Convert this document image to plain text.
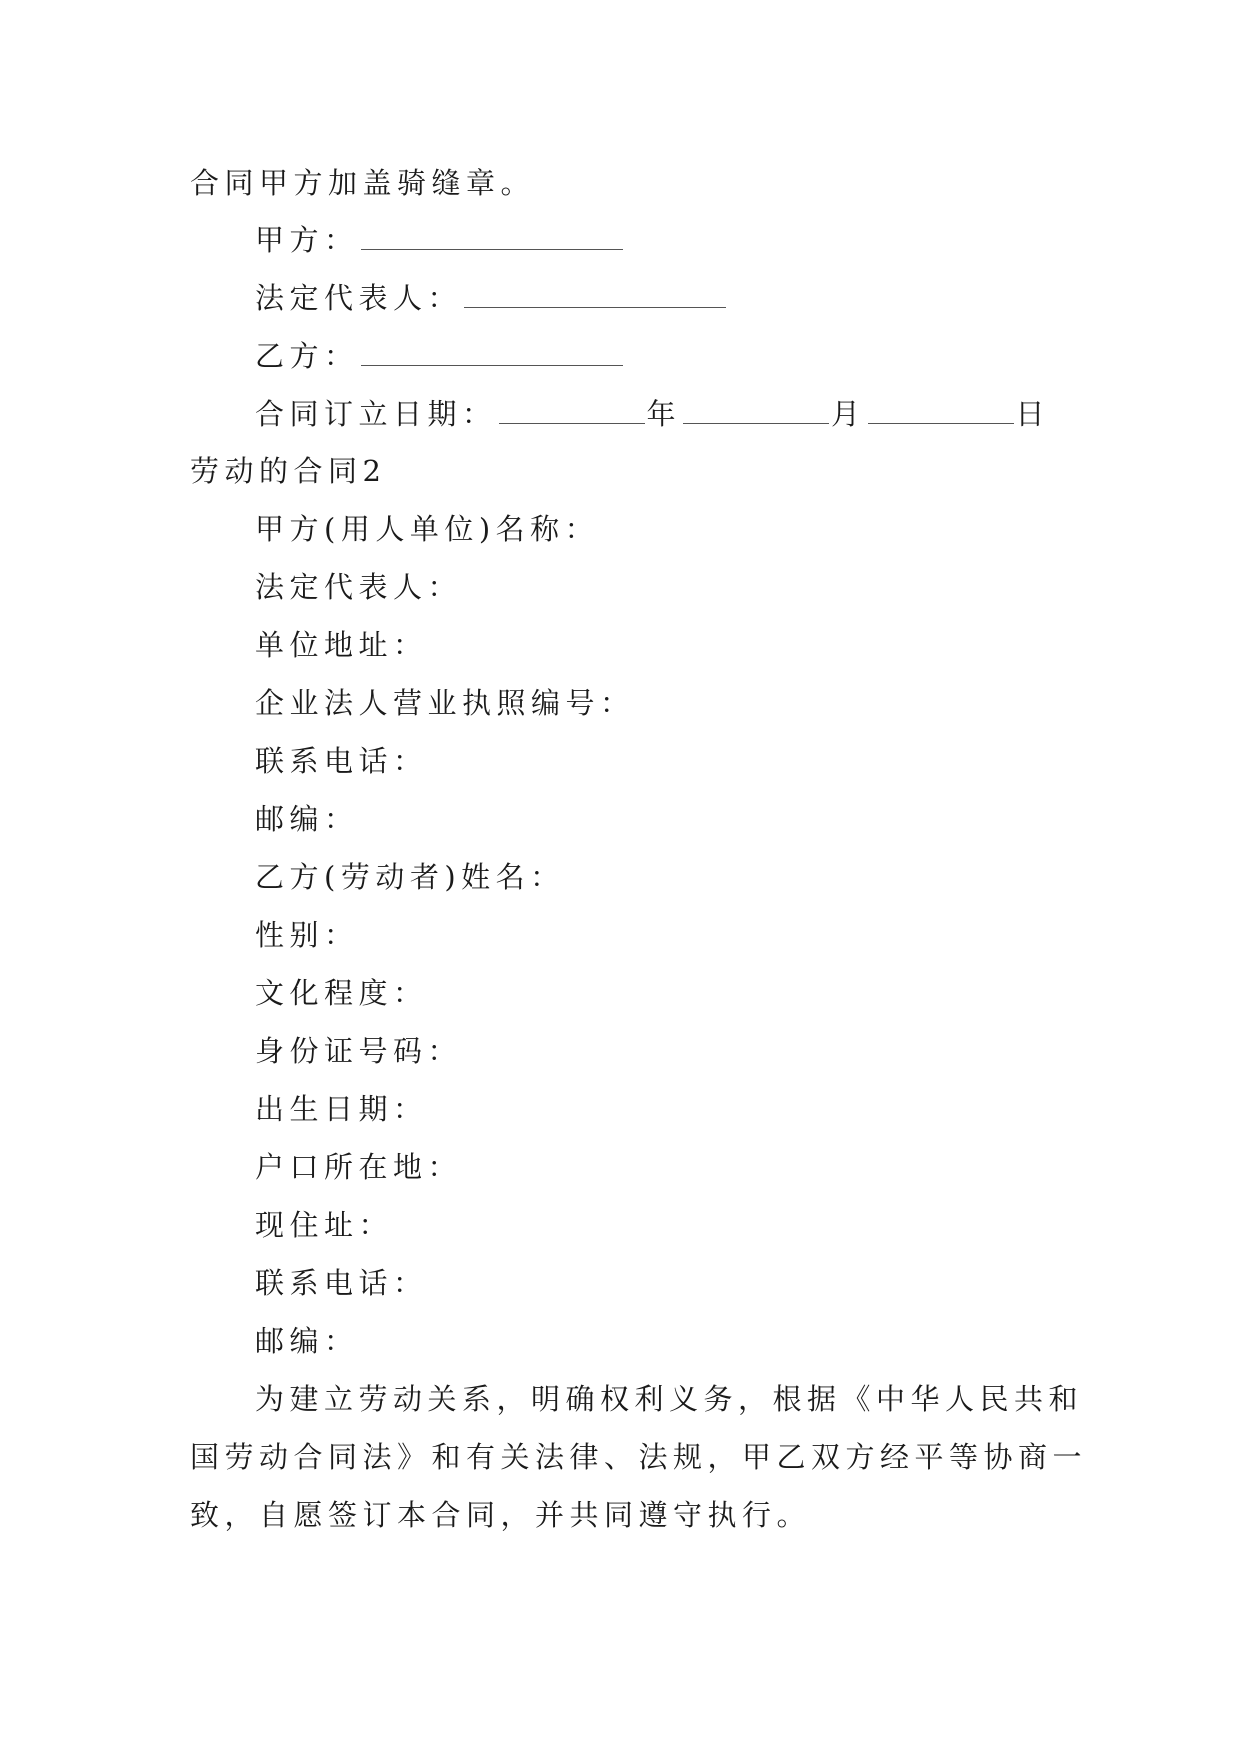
合同甲方加盖骑缝章。
甲方：
法定代表人：
乙方：
合同订立日期：	年	月	日
劳动的合同2
甲方(用人单位)名称：
法定代表人：
单位地址：
企业法人营业执照编号：
联系电话：
邮编：
乙方(劳动者)姓名：
性别：
文化程度：
身份证号码：
出生日期：
户口所在地：
现住址：
联系电话：
邮编：
为建立劳动关系，明确权利义务，根据《中华人民共和
国劳动合同法》和有关法律、法规，甲乙双方经平等协商一
致，自愿签订本合同，并共同遵守执行。
